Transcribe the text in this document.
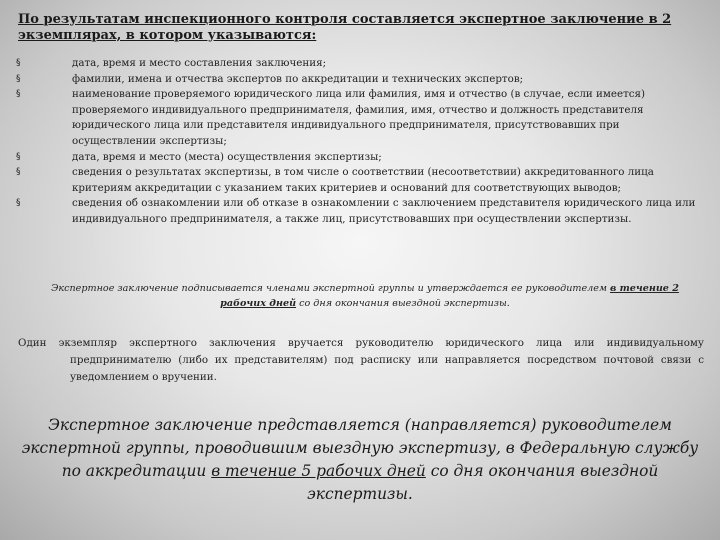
По результатам инспекционного контроля составляется экспертное заключение в 2 экземплярах, в котором указываются:
§	дата, время и место составления заключения;
§	фамилии, имена и отчества экспертов по аккредитации и технических экспертов;
§	наименование проверяемого юридического лица или фамилия, имя и отчество (в случае, если имеется) проверяемого индивидуального предпринимателя, фамилия, имя, отчество и должность представителя юридического лица или представителя индивидуального предпринимателя, присутствовавших при осуществлении экспертизы;
§	дата, время и место (места) осуществления экспертизы;
§	сведения о результатах экспертизы, в том числе о соответствии (несоответствии) аккредитованного лица критериям аккредитации с указанием таких критериев и оснований для соответствующих выводов;
§	сведения об ознакомлении или об отказе в ознакомлении с заключением представителя юридического лица или индивидуального предпринимателя, а также лиц, присутствовавших при осуществлении экспертизы.
Экспертное заключение подписывается членами экспертной группы и утверждается ее руководителем в течение 2 рабочих дней со дня окончания выездной экспертизы.
Один экземпляр экспертного заключения вручается руководителю юридического лица или индивидуальному
предпринимателю (либо их представителям) под расписку или направляется посредством почтовой связи с уведомлением о вручении.
Экспертное заключение представляется (направляется) руководителем экспертной группы, проводившим выездную экспертизу, в Федеральную службу по аккредитации в течение 5 рабочих дней со дня окончания выездной экспертизы.
